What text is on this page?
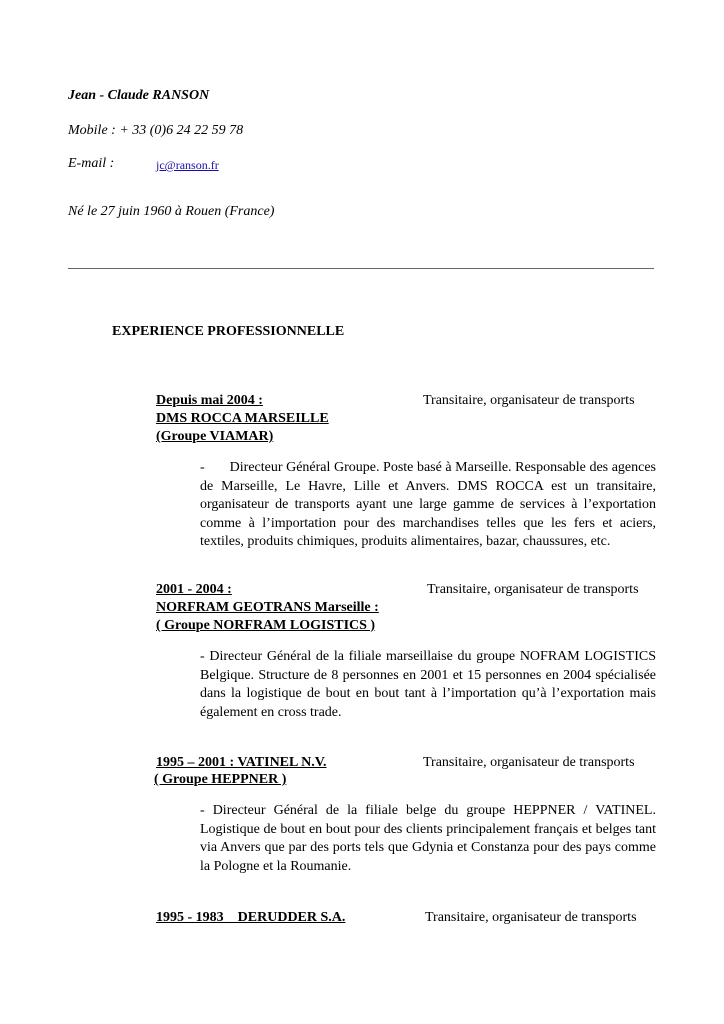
Jean - Claude RANSON
Mobile : + 33 (0)6 24 22 59 78
E-mail :	jc@ranson.fr
Né le 27 juin 1960 à Rouen (France)
EXPERIENCE PROFESSIONNELLE
Depuis mai 2004 :
DMS ROCCA MARSEILLE
(Groupe VIAMAR)
Transitaire, organisateur de transports
-       Directeur Général Groupe. Poste basé à Marseille. Responsable des agences de Marseille, Le Havre, Lille et Anvers. DMS ROCCA est un transitaire, organisateur de transports ayant une large gamme de services à l’exportation comme à l’importation pour des marchandises telles que les fers et aciers, textiles, produits chimiques, produits alimentaires, bazar, chaussures, etc.
2001 - 2004 :
NORFRAM GEOTRANS Marseille :
( Groupe NORFRAM LOGISTICS )
Transitaire, organisateur de transports
- Directeur Général de la filiale marseillaise du groupe NOFRAM LOGISTICS Belgique. Structure de 8 personnes en 2001 et 15 personnes en 2004 spécialisée dans la logistique de bout en bout tant à l’importation qu’à l’exportation mais également en cross trade.
1995 – 2001 : VATINEL N.V.
( Groupe HEPPNER )
Transitaire, organisateur de transports
- Directeur Général de la filiale belge du groupe HEPPNER / VATINEL. Logistique de bout en bout pour des clients principalement français et belges tant via Anvers que par des ports tels que Gdynia et Constanza pour des pays comme la Pologne et la Roumanie.
1995 - 1983    DERUDDER S.A.	Transitaire, organisateur de transports
